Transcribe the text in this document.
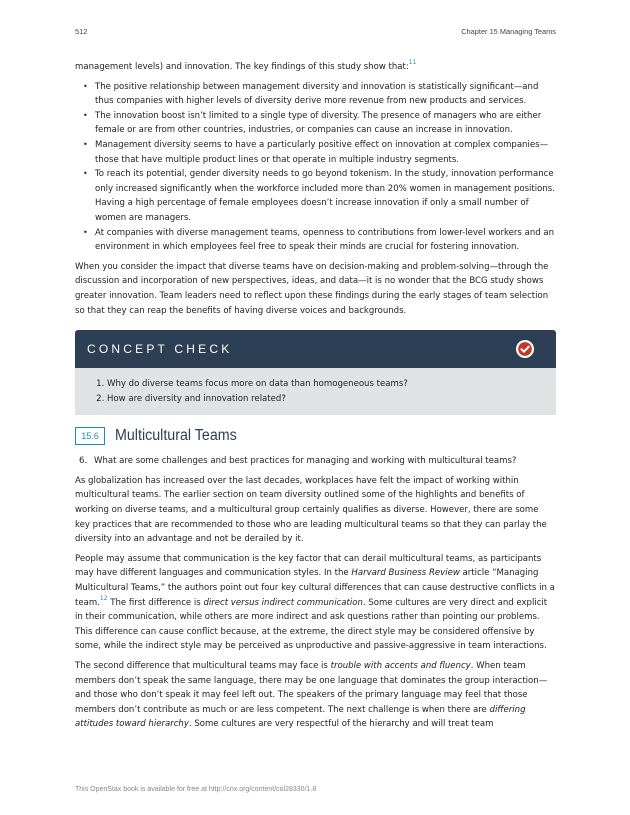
512	Chapter 15 Managing Teams

management levels) and innovation. The key findings of this study show that:$^{11}$

• The positive relationship between management diversity and innovation is statistically significant—and thus companies with higher levels of diversity derive more revenue from new products and services.
• The innovation boost isn’t limited to a single type of diversity. The presence of managers who are either female or are from other countries, industries, or companies can cause an increase in innovation.
• Management diversity seems to have a particularly positive effect on innovation at complex companies—those that have multiple product lines or that operate in multiple industry segments.
• To reach its potential, gender diversity needs to go beyond tokenism. In the study, innovation performance only increased significantly when the workforce included more than 20% women in management positions. Having a high percentage of female employees doesn’t increase innovation if only a small number of women are managers.
• At companies with diverse management teams, openness to contributions from lower-level workers and an environment in which employees feel free to speak their minds are crucial for fostering innovation.

When you consider the impact that diverse teams have on decision-making and problem-solving—through the discussion and incorporation of new perspectives, ideas, and data—it is no wonder that the BCG study shows greater innovation. Team leaders need to reflect upon these findings during the early stages of team selection so that they can reap the benefits of having diverse voices and backgrounds.

CONCEPT CHECK
1. Why do diverse teams focus more on data than homogeneous teams?
2. How are diversity and innovation related?
15.6	Multicultural Teams
6. What are some challenges and best practices for managing and working with multicultural teams?

As globalization has increased over the last decades, workplaces have felt the impact of working within multicultural teams. The earlier section on team diversity outlined some of the highlights and benefits of working on diverse teams, and a multicultural group certainly qualifies as diverse. However, there are some key practices that are recommended to those who are leading multicultural teams so that they can parlay the diversity into an advantage and not be derailed by it.

People may assume that communication is the key factor that can derail multicultural teams, as participants may have different languages and communication styles. In the Harvard Business Review article “Managing Multicultural Teams,” the authors point out four key cultural differences that can cause destructive conflicts in a team.$^{12}$ The first difference is direct versus indirect communication. Some cultures are very direct and explicit in their communication, while others are more indirect and ask questions rather than pointing our problems. This difference can cause conflict because, at the extreme, the direct style may be considered offensive by some, while the indirect style may be perceived as unproductive and passive-aggressive in team interactions.

The second difference that multicultural teams may face is trouble with accents and fluency. When team members don’t speak the same language, there may be one language that dominates the group interaction—and those who don’t speak it may feel left out. The speakers of the primary language may feel that those members don’t contribute as much or are less competent. The next challenge is when there are differing attitudes toward hierarchy. Some cultures are very respectful of the hierarchy and will treat team

This OpenStax book is available for free at http://cnx.org/content/col28330/1.8
